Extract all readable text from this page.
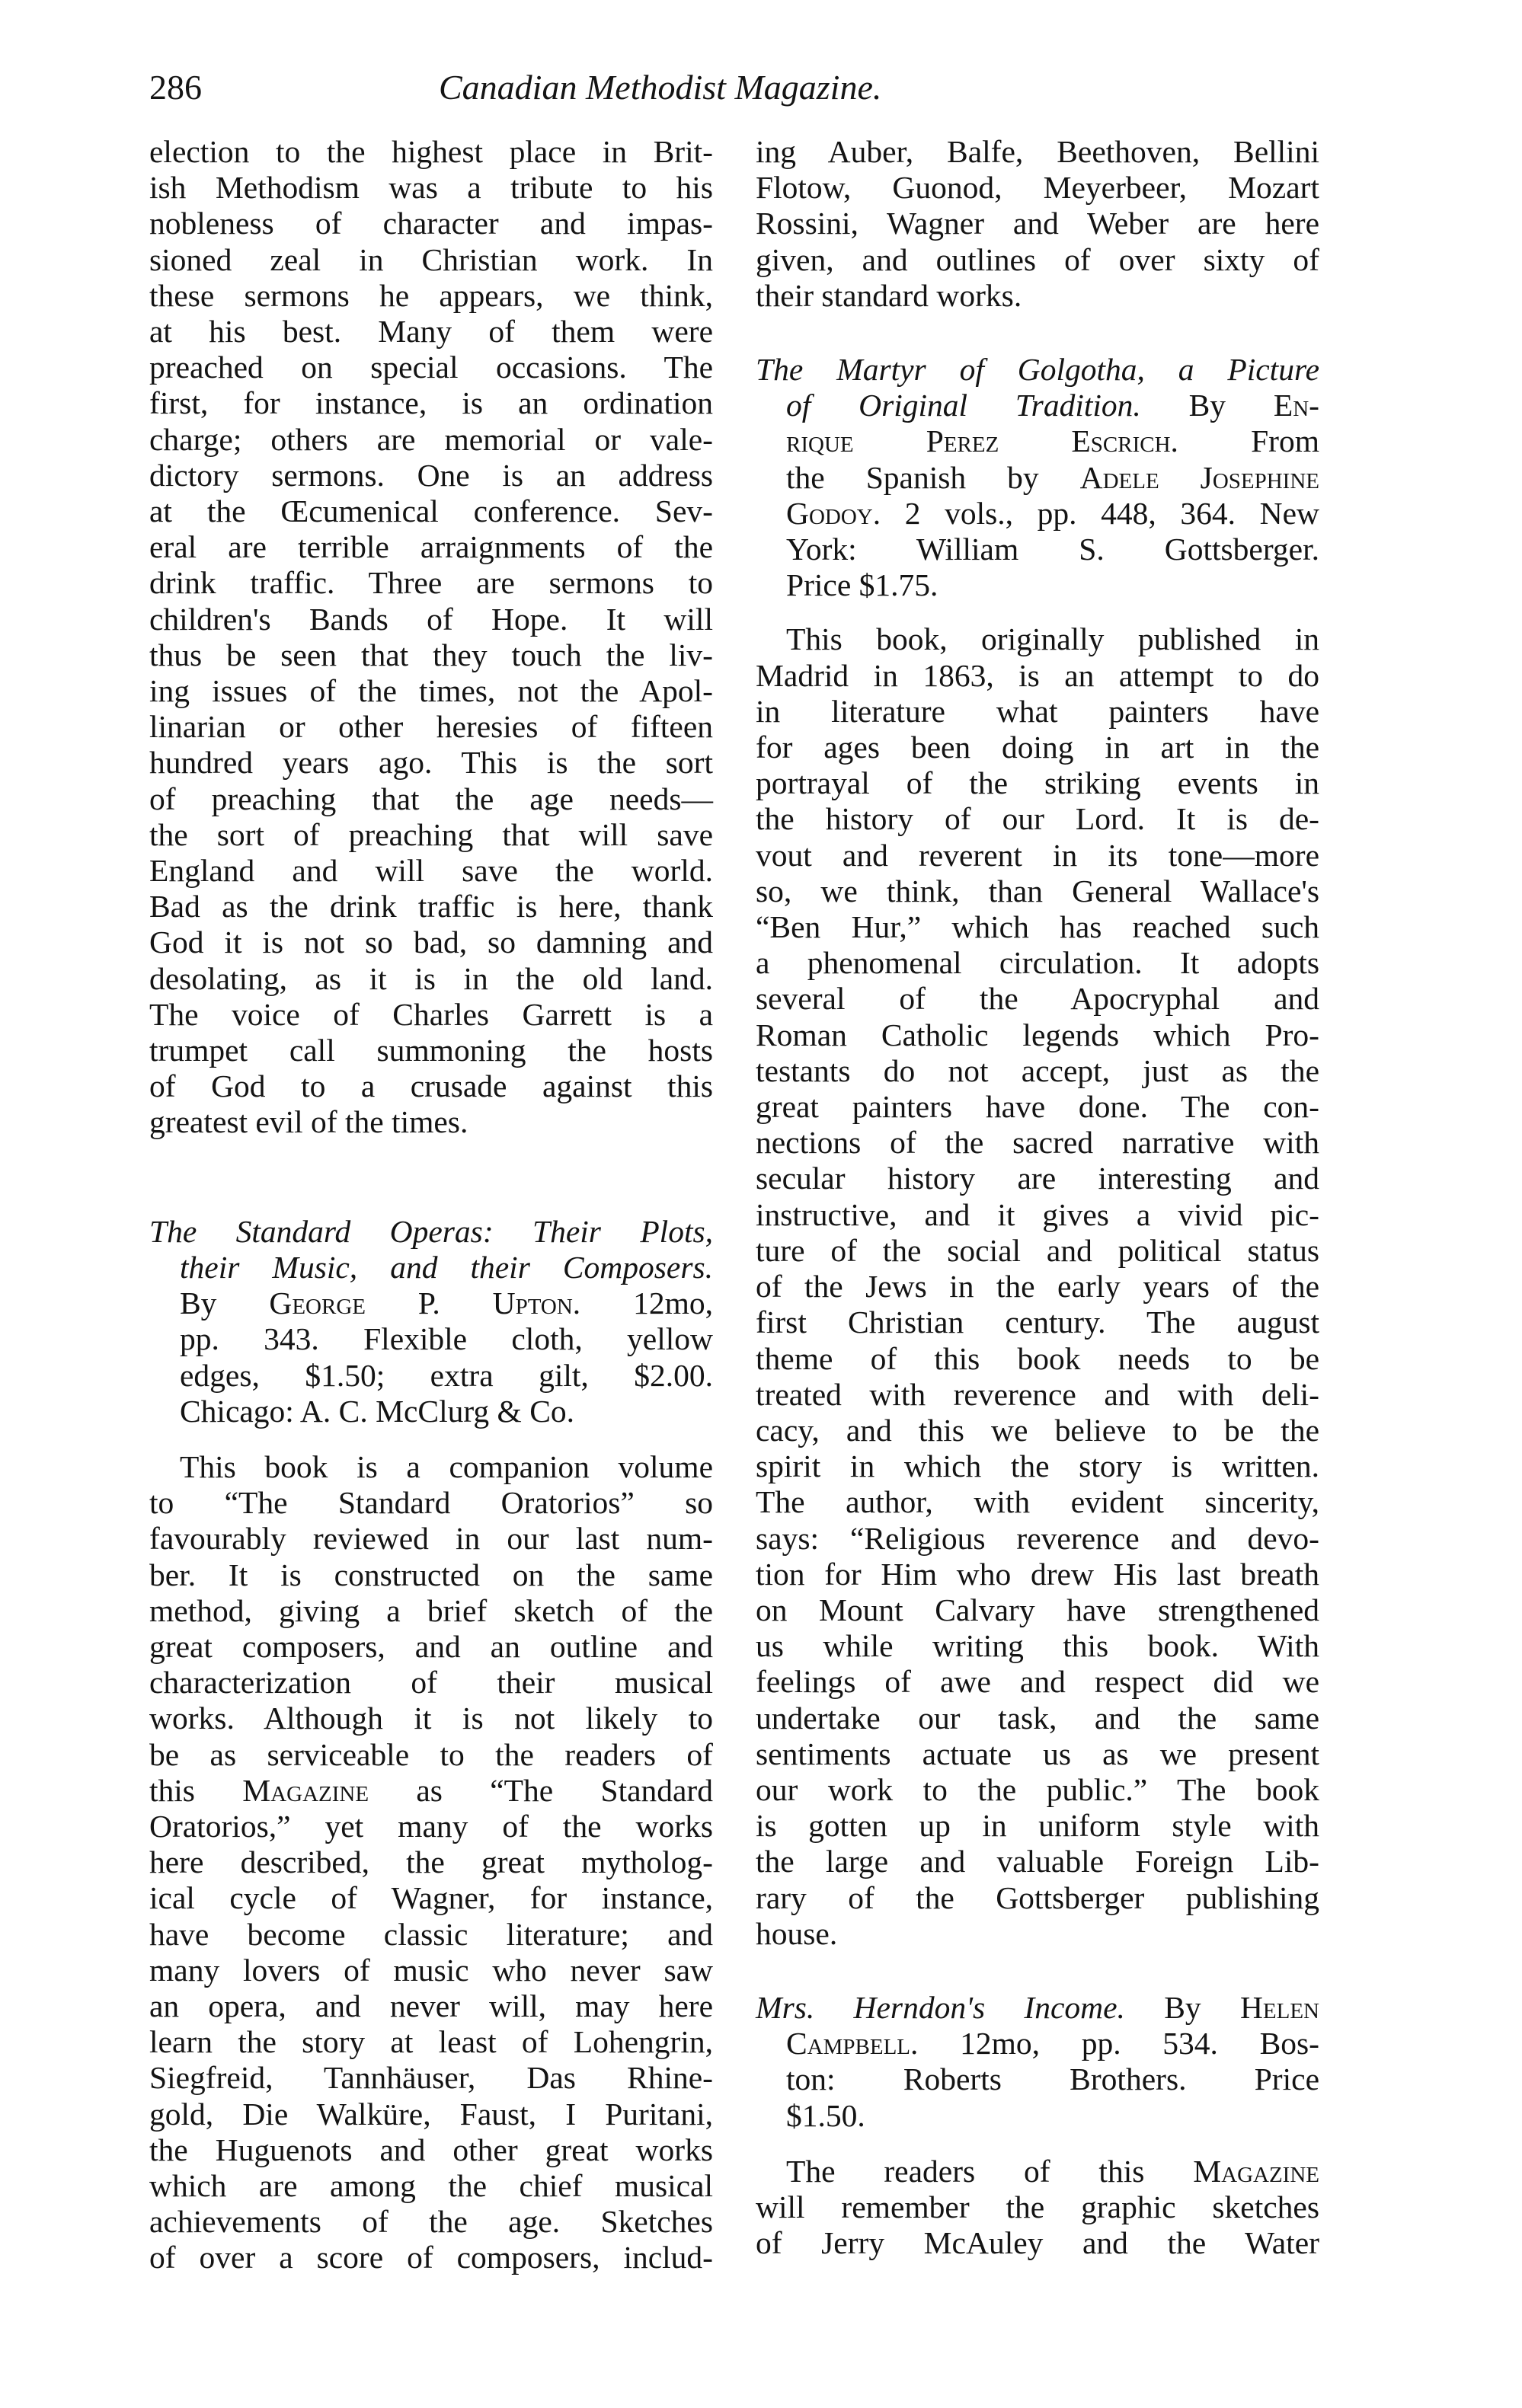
286	Canadian Methodist Magazine.
election to the highest place in Brit-
ish Methodism was a tribute to his
nobleness of character and impas-
sioned zeal in Christian work. In
these sermons he appears, we think,
at his best. Many of them were
preached on special occasions. The
first, for instance, is an ordination
charge; others are memorial or vale-
dictory sermons. One is an address
at the Œcumenical conference. Sev-
eral are terrible arraignments of the
drink traffic. Three are sermons to
children's Bands of Hope. It will
thus be seen that they touch the liv-
ing issues of the times, not the Apol-
linarian or other heresies of fifteen
hundred years ago. This is the sort
of preaching that the age needs—
the sort of preaching that will save
England and will save the world.
Bad as the drink traffic is here, thank
God it is not so bad, so damning and
desolating, as it is in the old land.
The voice of Charles Garrett is a
trumpet call summoning the hosts
of God to a crusade against this
greatest evil of the times.
The Standard Operas: Their Plots,
their Music, and their Composers.
By George P. Upton. 12mo,
pp. 343. Flexible cloth, yellow
edges, $1.50; extra gilt, $2.00.
Chicago: A. C. McClurg & Co.
This book is a companion volume
to “The Standard Oratorios” so
favourably reviewed in our last num-
ber. It is constructed on the same
method, giving a brief sketch of the
great composers, and an outline and
characterization of their musical
works. Although it is not likely to
be as serviceable to the readers of
this Magazine as “The Standard
Oratorios,” yet many of the works
here described, the great mytholog-
ical cycle of Wagner, for instance,
have become classic literature; and
many lovers of music who never saw
an opera, and never will, may here
learn the story at least of Lohengrin,
Siegfreid, Tannhäuser, Das Rhine-
gold, Die Walküre, Faust, I Puritani,
the Huguenots and other great works
which are among the chief musical
achievements of the age. Sketches
of over a score of composers, includ-
ing Auber, Balfe, Beethoven, Bellini
Flotow, Guonod, Meyerbeer, Mozart
Rossini, Wagner and Weber are here
given, and outlines of over sixty of
their standard works.
The Martyr of Golgotha, a Picture
of Original Tradition. By En-
rique Perez Escrich. From
the Spanish by Adele Josephine
Godoy. 2 vols., pp. 448, 364. New
York: William S. Gottsberger.
Price $1.75.
This book, originally published in
Madrid in 1863, is an attempt to do
in literature what painters have
for ages been doing in art in the
portrayal of the striking events in
the history of our Lord. It is de-
vout and reverent in its tone—more
so, we think, than General Wallace's
“Ben Hur,” which has reached such
a phenomenal circulation. It adopts
several of the Apocryphal and
Roman Catholic legends which Pro-
testants do not accept, just as the
great painters have done. The con-
nections of the sacred narrative with
secular history are interesting and
instructive, and it gives a vivid pic-
ture of the social and political status
of the Jews in the early years of the
first Christian century. The august
theme of this book needs to be
treated with reverence and with deli-
cacy, and this we believe to be the
spirit in which the story is written.
The author, with evident sincerity,
says: “Religious reverence and devo-
tion for Him who drew His last breath
on Mount Calvary have strengthened
us while writing this book. With
feelings of awe and respect did we
undertake our task, and the same
sentiments actuate us as we present
our work to the public.” The book
is gotten up in uniform style with
the large and valuable Foreign Lib-
rary of the Gottsberger publishing
house.
Mrs. Herndon's Income. By Helen
Campbell. 12mo, pp. 534. Bos-
ton: Roberts Brothers. Price
$1.50.
The readers of this Magazine
will remember the graphic sketches
of Jerry McAuley and the Water
